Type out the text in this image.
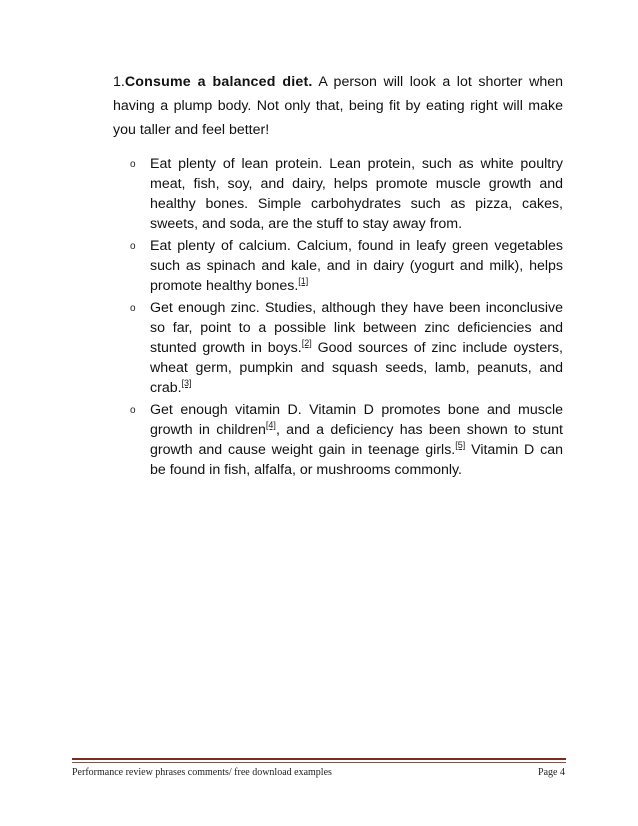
1.Consume a balanced diet. A person will look a lot shorter when having a plump body. Not only that, being fit by eating right will make you taller and feel better!

o	Eat plenty of lean protein. Lean protein, such as white poultry meat, fish, soy, and dairy, helps promote muscle growth and healthy bones. Simple carbohydrates such as pizza, cakes, sweets, and soda, are the stuff to stay away from.
o	Eat plenty of calcium. Calcium, found in leafy green vegetables such as spinach and kale, and in dairy (yogurt and milk), helps promote healthy bones.[1]
o	Get enough zinc. Studies, although they have been inconclusive so far, point to a possible link between zinc deficiencies and stunted growth in boys.[2] Good sources of zinc include oysters, wheat germ, pumpkin and squash seeds, lamb, peanuts, and crab.[3]
o	Get enough vitamin D. Vitamin D promotes bone and muscle growth in children[4], and a deficiency has been shown to stunt growth and cause weight gain in teenage girls.[5] Vitamin D can be found in fish, alfalfa, or mushrooms commonly.
Performance review phrases comments/ free download examples	Page 4
